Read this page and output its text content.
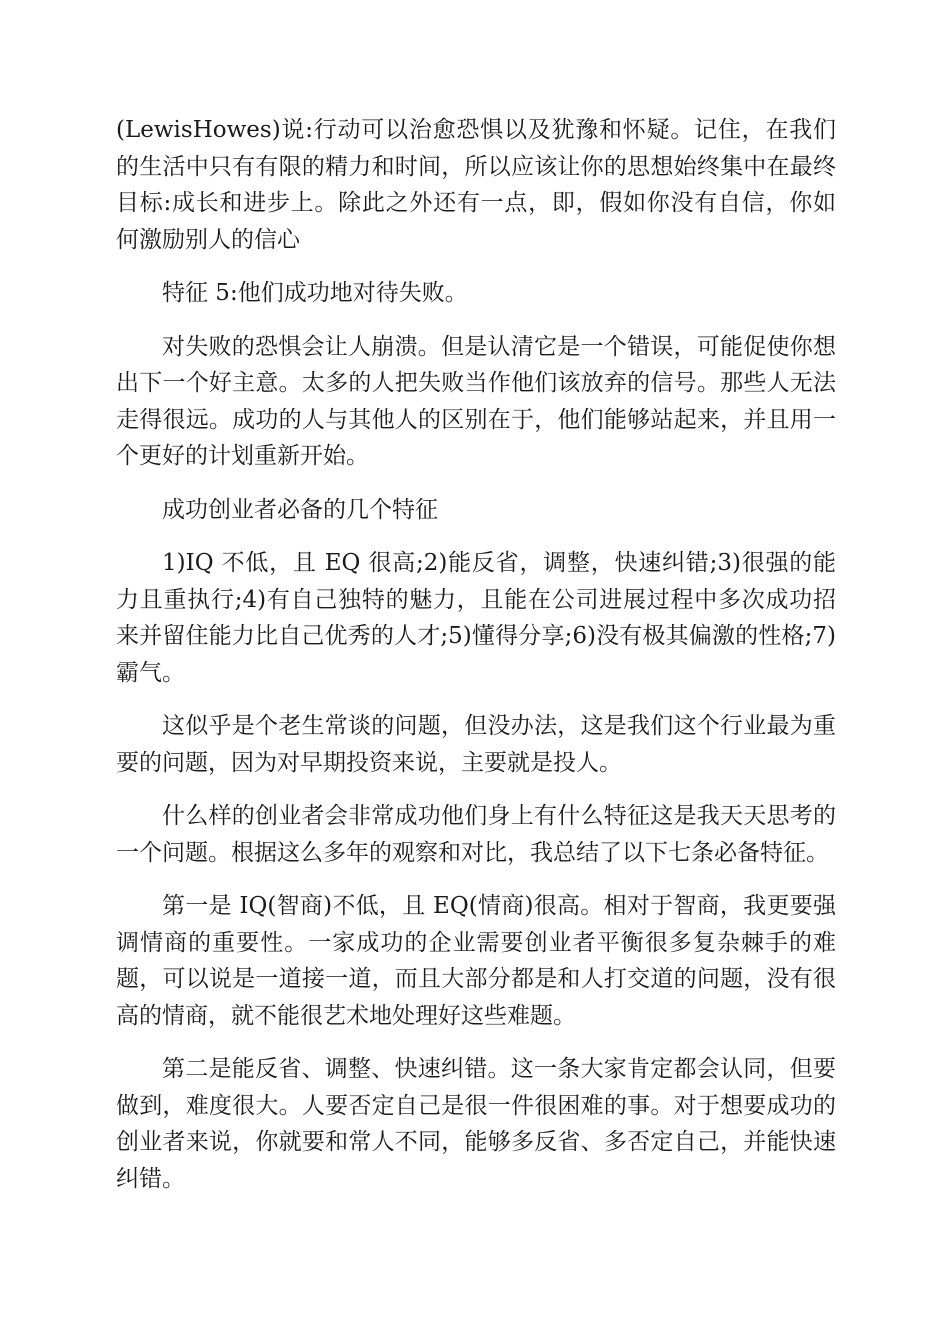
(LewisHowes)说:行动可以治愈恐惧以及犹豫和怀疑。记住，在我们的生活中只有有限的精力和时间，所以应该让你的思想始终集中在最终目标:成长和进步上。除此之外还有一点，即，假如你没有自信，你如何激励别人的信心

特征 5:他们成功地对待失败。

对失败的恐惧会让人崩溃。但是认清它是一个错误，可能促使你想出下一个好主意。太多的人把失败当作他们该放弃的信号。那些人无法走得很远。成功的人与其他人的区别在于，他们能够站起来，并且用一个更好的计划重新开始。

成功创业者必备的几个特征

1)IQ 不低，且 EQ 很高;2)能反省，调整，快速纠错;3)很强的能力且重执行;4)有自己独特的魅力，且能在公司进展过程中多次成功招来并留住能力比自己优秀的人才;5)懂得分享;6)没有极其偏激的性格;7)霸气。

这似乎是个老生常谈的问题，但没办法，这是我们这个行业最为重要的问题，因为对早期投资来说，主要就是投人。

什么样的创业者会非常成功他们身上有什么特征这是我天天思考的一个问题。根据这么多年的观察和对比，我总结了以下七条必备特征。

第一是 IQ(智商)不低，且 EQ(情商)很高。相对于智商，我更要强调情商的重要性。一家成功的企业需要创业者平衡很多复杂棘手的难题，可以说是一道接一道，而且大部分都是和人打交道的问题，没有很高的情商，就不能很艺术地处理好这些难题。

第二是能反省、调整、快速纠错。这一条大家肯定都会认同，但要做到，难度很大。人要否定自己是很一件很困难的事。对于想要成功的创业者来说，你就要和常人不同，能够多反省、多否定自己，并能快速纠错。
